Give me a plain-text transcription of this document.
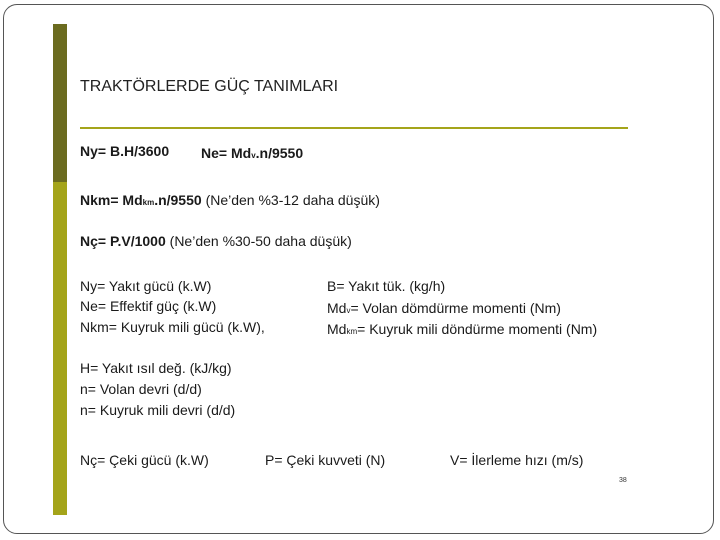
TRAKTÖRLERDE GÜÇ TANIMLARI
Ny= B.H/3600 Ne= Mdv.n/9550
Nkm= Mdkm.n/9550 (Ne’den %3-12 daha düşük)
Nç= P.V/1000 (Ne’den %30-50 daha düşük)
Ny= Yakıt gücü (k.W)
Ne= Effektif güç (k.W)
Nkm= Kuyruk mili gücü (k.W),
B= Yakıt tük. (kg/h)
Mdv= Volan dömdürme momenti (Nm)
Mdkm= Kuyruk mili döndürme momenti (Nm)
H= Yakıt ısıl değ. (kJ/kg)
n= Volan devri (d/d)
n= Kuyruk mili devri (d/d)
Nç= Çeki gücü (k.W)	P= Çeki kuvveti (N)	V= İlerleme hızı (m/s)
38
